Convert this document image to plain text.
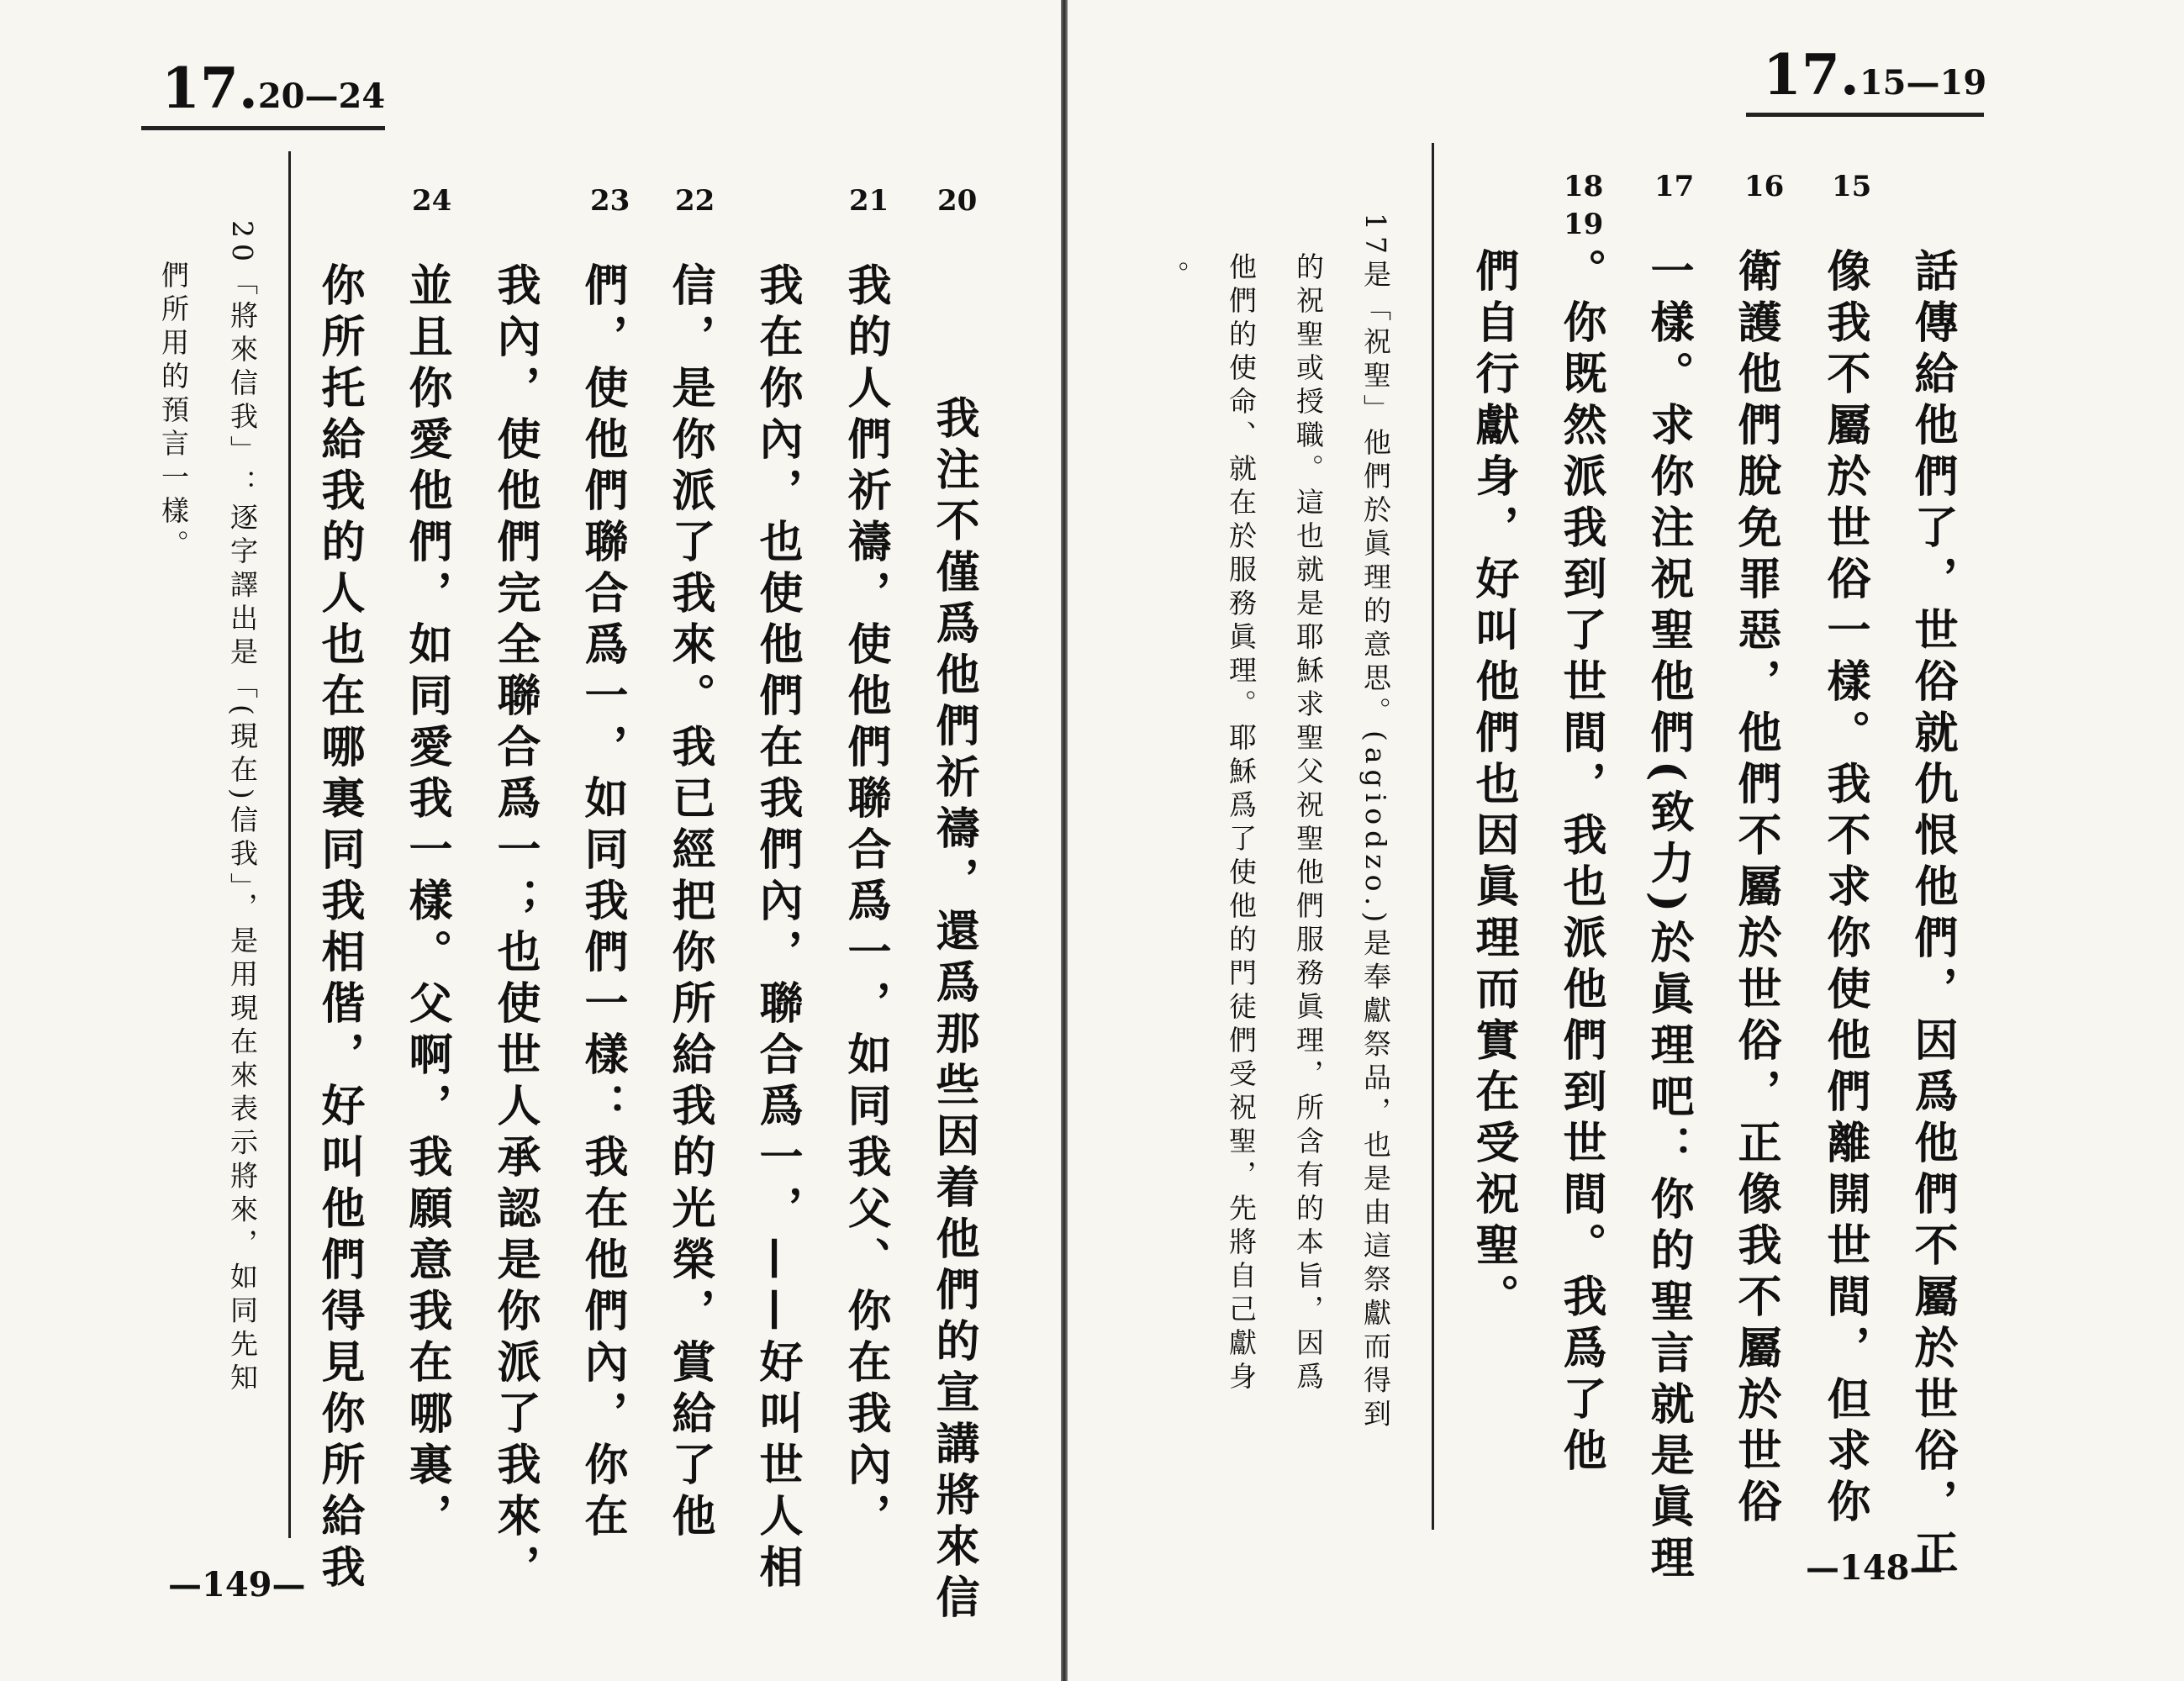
17.20—24
20
21
22
23
24
我注不僅爲他們祈禱，還爲那些因着他們的宣講將來信
我的人們祈禱，使他們聯合爲一，如同我父、你在我內，
我在你內，也使他們在我們內，聯合爲一，——好叫世人相
信，是你派了我來。我已經把你所給我的光榮，賞給了他
們，使他們聯合爲一，如同我們一樣：我在他們內，你在
我內，使他們完全聯合爲一；也使世人承認是你派了我來，
並且你愛他們，如同愛我一樣。父啊，我願意我在哪裏，
你所托給我的人也在哪裏同我相偕，好叫他們得見你所給我
20「將來信我」：逐字譯出是「(現在)信我」，是用現在來表示將來，如同先知
們所用的預言一樣。
—149—
17.15—19
15
16
17
18
19
話傳給他們了，世俗就仇恨他們，因爲他們不屬於世俗，正
像我不屬於世俗一樣。我不求你使他們離開世間，但求你
衛護他們脫免罪惡，他們不屬於世俗，正像我不屬於世俗
一樣。求你注祝聖他們(致力)於眞理吧：你的聖言就是眞理
。你既然派我到了世間，我也派他們到世間。我爲了他
們自行獻身，好叫他們也因眞理而實在受祝聖。
17是「祝聖」他們於眞理的意思。(agiodzo.)是奉獻祭品，也是由這祭獻而得到
的祝聖或授職。這也就是耶穌求聖父祝聖他們服務眞理，所含有的本旨，因爲
他們的使命、就在於服務眞理。耶穌爲了使他的門徒們受祝聖，先將自己獻身
。
—148—
